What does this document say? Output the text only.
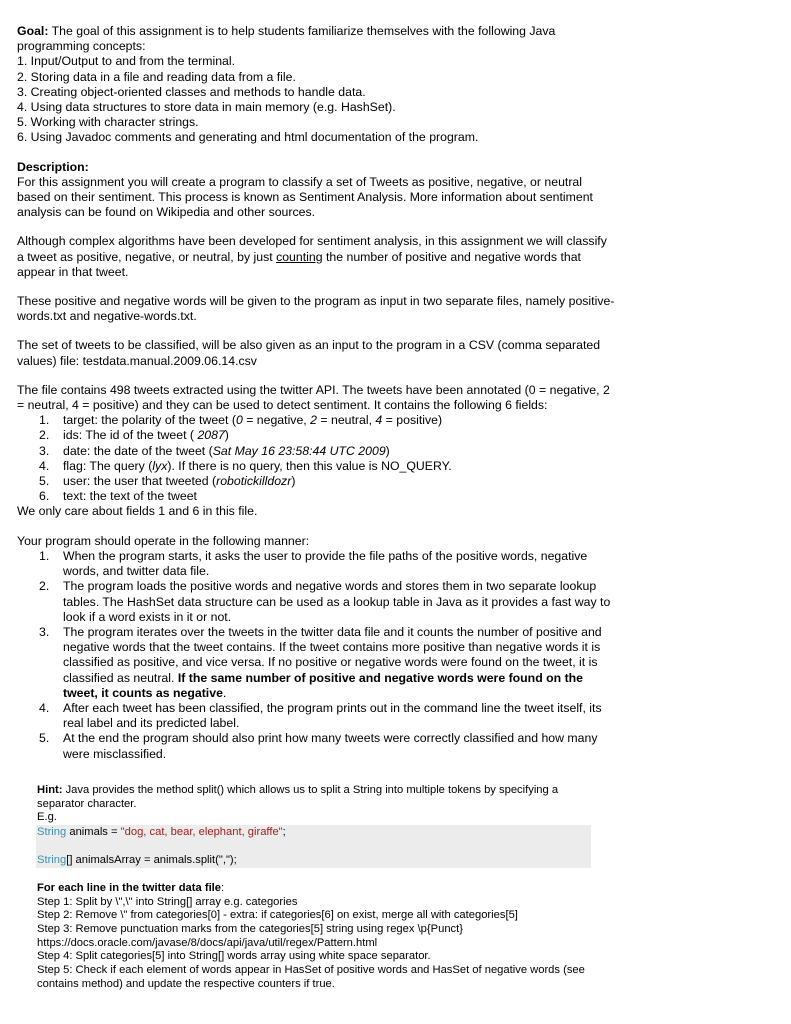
Goal: The goal of this assignment is to help students familiarize themselves with the following Java programming concepts:

1. Input/Output to and from the terminal.
2. Storing data in a file and reading data from a file.
3. Creating object-oriented classes and methods to handle data.
4. Using data structures to store data in main memory (e.g. HashSet).
5. Working with character strings.
6. Using Javadoc comments and generating and html documentation of the program.

Description:

For this assignment you will create a program to classify a set of Tweets as positive, negative, or neutral based on their sentiment. This process is known as Sentiment Analysis. More information about sentiment analysis can be found on Wikipedia and other sources.

Although complex algorithms have been developed for sentiment analysis, in this assignment we will classify a tweet as positive, negative, or neutral, by just counting the number of positive and negative words that appear in that tweet.

These positive and negative words will be given to the program as input in two separate files, namely positive-words.txt and negative-words.txt.

The set of tweets to be classified, will be also given as an input to the program in a CSV (comma separated values) file: testdata.manual.2009.06.14.csv

The file contains 498 tweets extracted using the twitter API. The tweets have been annotated (0 = negative, 2 = neutral, 4 = positive) and they can be used to detect sentiment. It contains the following 6 fields:

1. target: the polarity of the tweet (0 = negative, 2 = neutral, 4 = positive)
2. ids: The id of the tweet ( 2087)
3. date: the date of the tweet (Sat May 16 23:58:44 UTC 2009)
4. flag: The query (lyx). If there is no query, then this value is NO_QUERY.
5. user: the user that tweeted (robotickilldozr)
6. text: the text of the tweet

We only care about fields 1 and 6 in this file.

Your program should operate in the following manner:

1. When the program starts, it asks the user to provide the file paths of the positive words, negative words, and twitter data file.
2. The program loads the positive words and negative words and stores them in two separate lookup tables. The HashSet data structure can be used as a lookup table in Java as it provides a fast way to look if a word exists in it or not.
3. The program iterates over the tweets in the twitter data file and it counts the number of positive and negative words that the tweet contains. If the tweet contains more positive than negative words it is classified as positive, and vice versa. If no positive or negative words were found on the tweet, it is classified as neutral. If the same number of positive and negative words were found on the tweet, it counts as negative.
4. After each tweet has been classified, the program prints out in the command line the tweet itself, its real label and its predicted label.
5. At the end the program should also print how many tweets were correctly classified and how many were misclassified.

Hint: Java provides the method split() which allows us to split a String into multiple tokens by specifying a separator character.

E.g.

String animals = "dog, cat, bear, elephant, giraffe";
String[] animalsArray = animals.split(",");

For each line in the twitter data file:

Step 1: Split by \",\" into String[] array e.g. categories
Step 2: Remove \" from categories[0] - extra: if categories[6] on exist, merge all with categories[5]
Step 3: Remove punctuation marks from the categories[5] string using regex \p{Punct}
https://docs.oracle.com/javase/8/docs/api/java/util/regex/Pattern.html
Step 4: Split categories[5] into String[] words array using white space separator.
Step 5: Check if each element of words appear in HasSet of positive words and HasSet of negative words (see contains method) and update the respective counters if true.
